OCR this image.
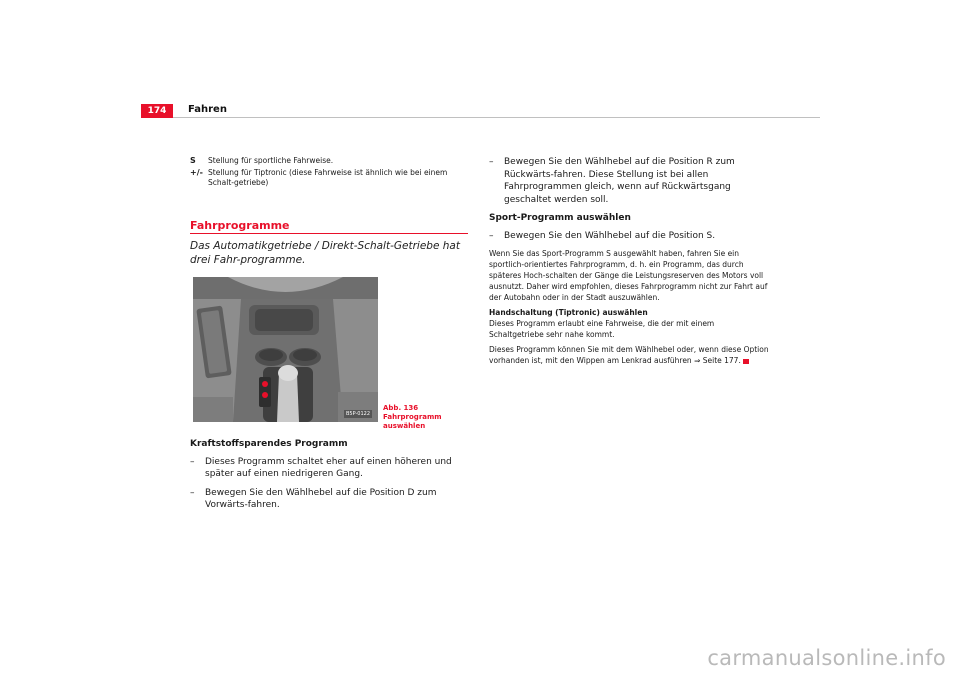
174	Fahren
S	Stellung für sportliche Fahrweise.
+/- Stellung für Tiptronic (diese Fahrweise ist ähnlich wie bei einem Schalt-getriebe)
Fahrprogramme
Das Automatikgetriebe / Direkt-Schalt-Getriebe hat drei Fahr-programme.
B5P-0122
Abb. 136 Fahrprogramm auswählen

Kraftstoffsparendes Programm

–	Dieses Programm schaltet eher auf einen höheren und später auf einen niedrigeren Gang.
–	Bewegen Sie den Wählhebel auf die Position D zum Vorwärts-fahren.
–	Bewegen Sie den Wählhebel auf die Position R zum Rückwärts-fahren. Diese Stellung ist bei allen Fahrprogrammen gleich, wenn auf Rückwärtsgang geschaltet werden soll.

Sport-Programm auswählen

–	Bewegen Sie den Wählhebel auf die Position S.

Wenn Sie das Sport-Programm S ausgewählt haben, fahren Sie ein sportlich-orientiertes Fahrprogramm, d. h. ein Programm, das durch späteres Hoch-schalten der Gänge die Leistungsreserven des Motors voll ausnutzt. Daher wird empfohlen, dieses Fahrprogramm nicht zur Fahrt auf der Autobahn oder in der Stadt auszuwählen.

Handschaltung (Tiptronic) auswählen

Dieses Programm erlaubt eine Fahrweise, die der mit einem Schaltgetriebe sehr nahe kommt.

Dieses Programm können Sie mit dem Wählhebel oder, wenn diese Option vorhanden ist, mit den Wippen am Lenkrad ausführen ⇒ Seite 177.

carmanualsonline.info
